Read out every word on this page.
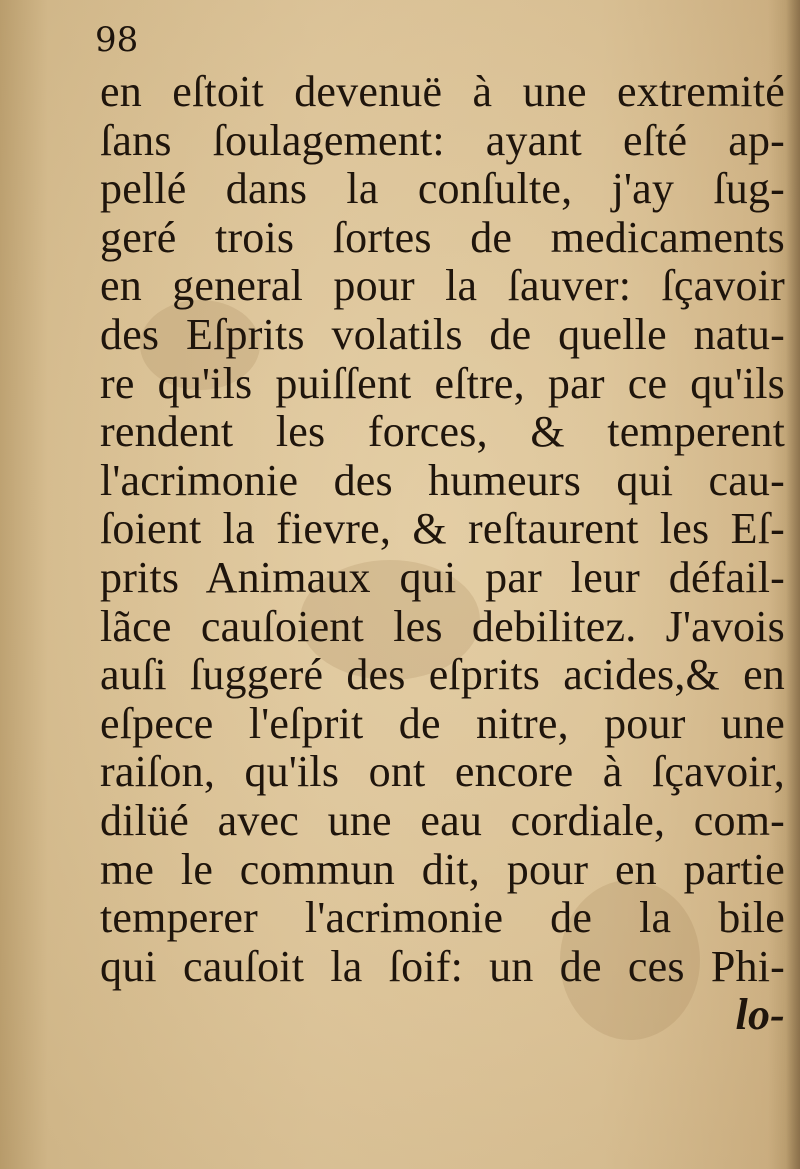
98

en eſtoit devenuë à une extremité
ſans ſoulagement: ayant eſté ap-
pellé dans la conſulte, j'ay ſug-
geré trois ſortes de medicaments
en general pour la ſauver: ſçavoir
des Eſprits volatils de quelle natu-
re qu'ils puiſſent eſtre, par ce qu'ils
rendent les forces, & temperent
l'acrimonie des humeurs qui cau-
ſoient la fievre, & reſtaurent les Eſ-
prits Animaux qui par leur défail-
lãce cauſoient les debilitez. J'avois
auſi ſuggeré des eſprits acides,& en
eſpece l'eſprit de nitre, pour une
raiſon, qu'ils ont encore à ſçavoir,
dilüé avec une eau cordiale, com-
me le commun dit, pour en partie
temperer l'acrimonie de la bile
qui cauſoit la ſoif: un de ces Phi-
lo-
